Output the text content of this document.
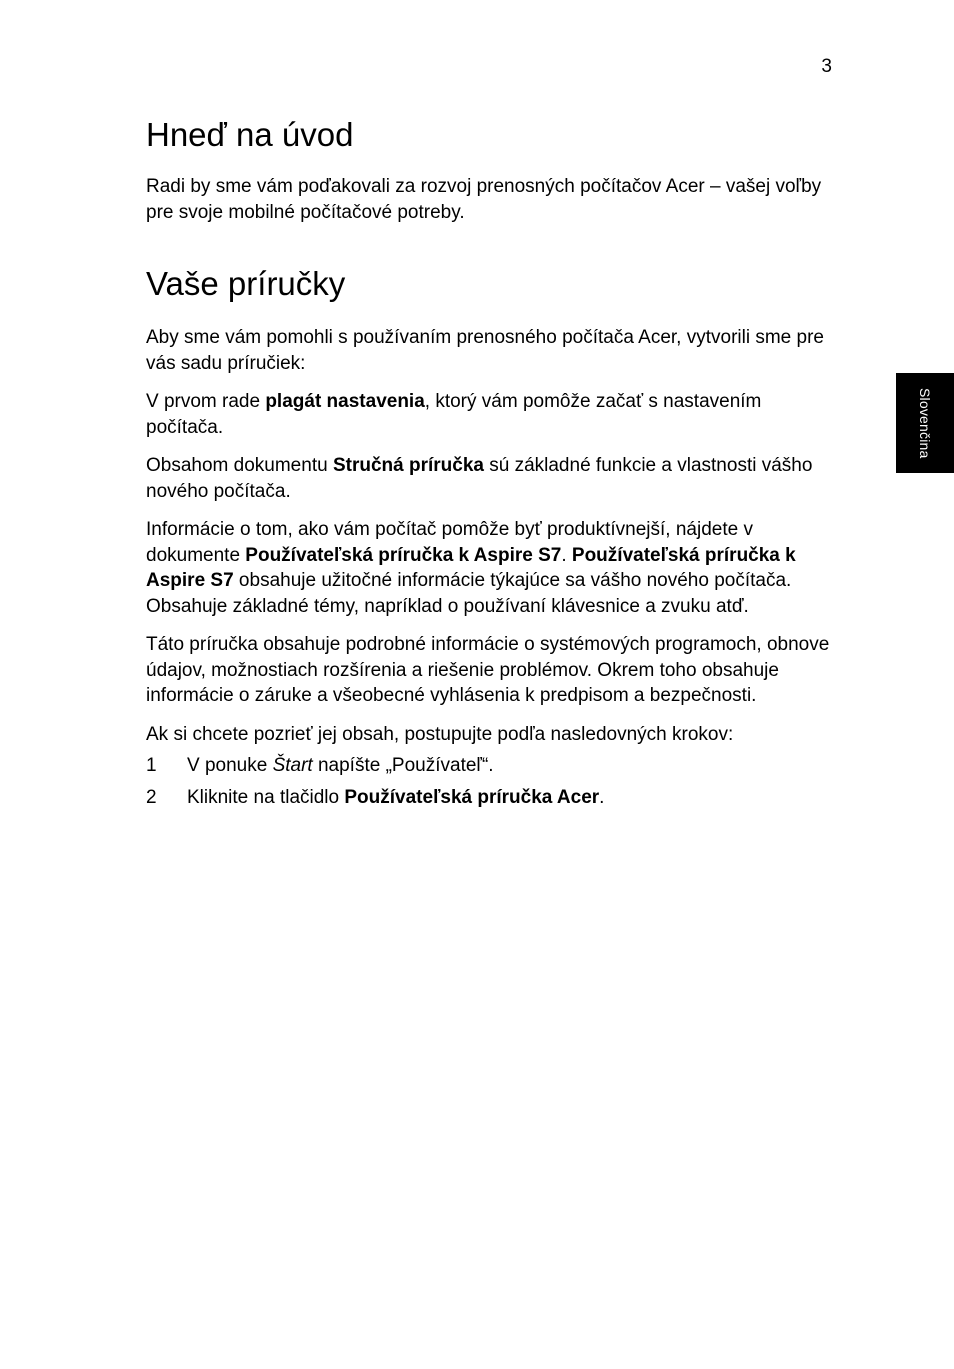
3
Slovenčina
Hneď na úvod

Radi by sme vám poďakovali za rozvoj prenosných počítačov Acer – vašej voľby pre svoje mobilné počítačové potreby.

Vaše príručky

Aby sme vám pomohli s používaním prenosného počítača Acer, vytvorili sme pre vás sadu príručiek:

V prvom rade plagát nastavenia, ktorý vám pomôže začať s nastavením počítača.

Obsahom dokumentu Stručná príručka sú základné funkcie a vlastnosti vášho nového počítača.

Informácie o tom, ako vám počítač pomôže byť produktívnejší, nájdete v dokumente Používateľská príručka k Aspire S7. Používateľská príručka k Aspire S7 obsahuje užitočné informácie týkajúce sa vášho nového počítača. Obsahuje základné témy, napríklad o používaní klávesnice a zvuku atď.

Táto príručka obsahuje podrobné informácie o systémových programoch, obnove údajov, možnostiach rozšírenia a riešenie problémov. Okrem toho obsahuje informácie o záruke a všeobecné vyhlásenia k predpisom a bezpečnosti.

Ak si chcete pozrieť jej obsah, postupujte podľa nasledovných krokov:

1	V ponuke Štart napíšte „Používateľ“.
2	Kliknite na tlačidlo Používateľská príručka Acer.
